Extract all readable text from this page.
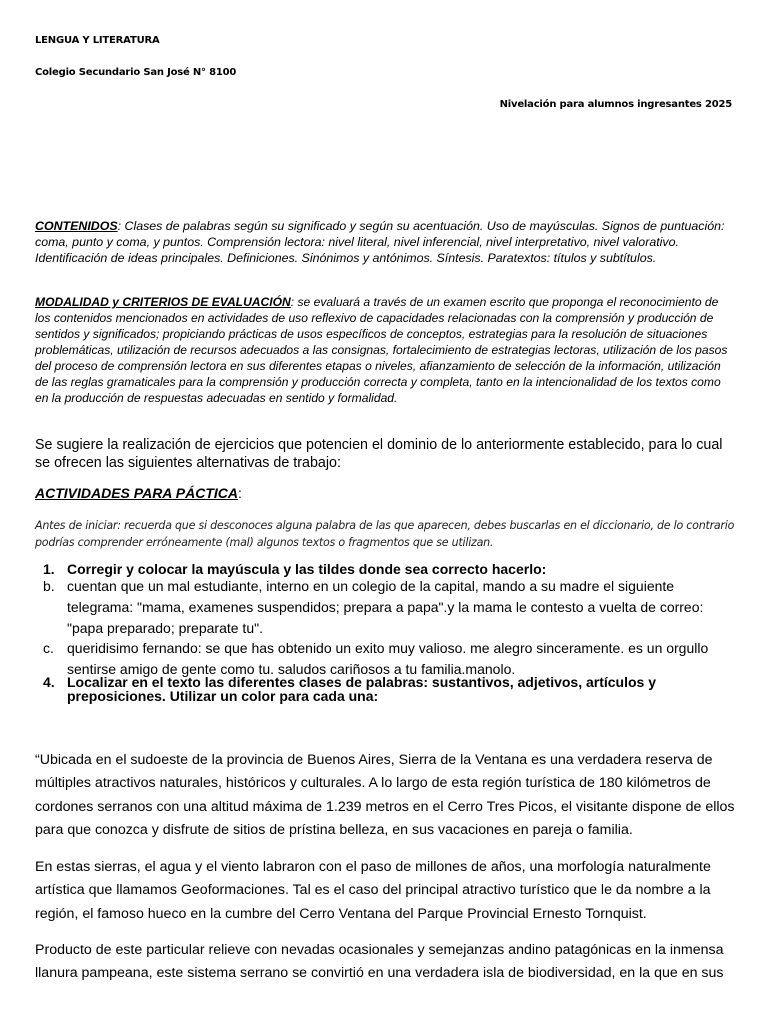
LENGUA Y LITERATURA
Colegio Secundario San José N° 8100
Nivelación para alumnos ingresantes 2025
CONTENIDOS: Clases de palabras según su significado y según su acentuación. Uso de mayúsculas. Signos de puntuación: coma, punto y coma, y puntos. Comprensión lectora: nivel literal, nivel inferencial, nivel interpretativo, nivel valorativo. Identificación de ideas principales. Definiciones. Sinónimos y antónimos. Síntesis. Paratextos: títulos y subtítulos.
MODALIDAD y CRITERIOS DE EVALUACIÓN: se evaluará a través de un examen escrito que proponga el reconocimiento de los contenidos mencionados en actividades de uso reflexivo de capacidades relacionadas con la comprensión y producción de sentidos y significados; propiciando prácticas de usos específicos de conceptos, estrategias para la resolución de situaciones problemáticas, utilización de recursos adecuados a las consignas, fortalecimiento de estrategias lectoras, utilización de los pasos del proceso de comprensión lectora en sus diferentes etapas o niveles, afianzamiento de selección de la información, utilización de las reglas gramaticales para la comprensión y producción correcta y completa, tanto en la intencionalidad de los textos como en la producción de respuestas adecuadas en sentido y formalidad.
Se sugiere la realización de ejercicios que potencien el dominio de lo anteriormente establecido, para lo cual se ofrecen las siguientes alternativas de trabajo:
ACTIVIDADES PARA PÁCTICA:
Antes de iniciar: recuerda que si desconoces alguna palabra de las que aparecen, debes buscarlas en el diccionario, de lo contrario podrías comprender erróneamente (mal) algunos textos o fragmentos que se utilizan.
1. Corregir y colocar la mayúscula y las tildes donde sea correcto hacerlo:
b. cuentan que un mal estudiante, interno en un colegio de la capital, mando a su madre el siguiente telegrama: "mama, examenes suspendidos; prepara a papa".y la mama le contesto a vuelta de correo: "papa preparado; preparate tu".
c. queridisimo fernando: se que has obtenido un exito muy valioso. me alegro sinceramente. es un orgullo sentirse amigo de gente como tu. saludos cariñosos a tu familia.manolo.
4. Localizar en el texto las diferentes clases de palabras: sustantivos, adjetivos, artículos y preposiciones. Utilizar un color para cada una:
“Ubicada en el sudoeste de la provincia de Buenos Aires, Sierra de la Ventana es una verdadera reserva de múltiples atractivos naturales, históricos y culturales. A lo largo de esta región turística de 180 kilómetros de cordones serranos con una altitud máxima de 1.239 metros en el Cerro Tres Picos, el visitante dispone de ellos para que conozca y disfrute de sitios de prístina belleza, en sus vacaciones en pareja o familia.
En estas sierras, el agua y el viento labraron con el paso de millones de años, una morfología naturalmente artística que llamamos Geoformaciones. Tal es el caso del principal atractivo turístico que le da nombre a la región, el famoso hueco en la cumbre del Cerro Ventana del Parque Provincial Ernesto Tornquist.
Producto de este particular relieve con nevadas ocasionales y semejanzas andino patagónicas en la inmensa llanura pampeana, este sistema serrano se convirtió en una verdadera isla de biodiversidad, en la que en sus
